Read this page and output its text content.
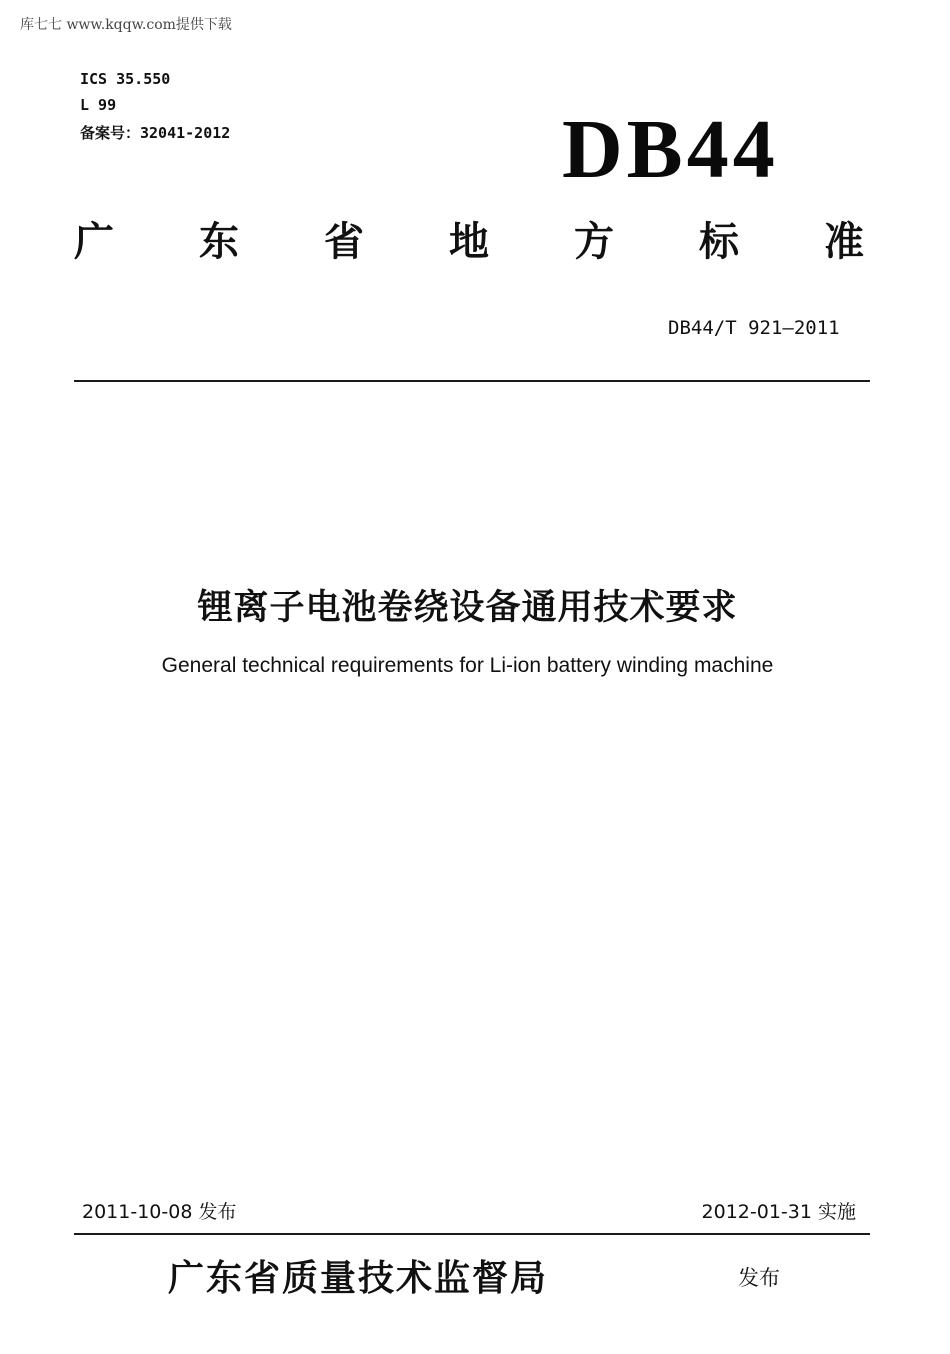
库七七 www.kqqw.com提供下载
ICS 35.550
L 99
备案号：32041-2012	DB44
广 东 省 地 方 标 准
DB44/T 921—2011
锂离子电池卷绕设备通用技术要求
General technical requirements for Li-ion battery winding machine
2011-10-08 发布	2012-01-31 实施
广东省质量技术监督局	发布
